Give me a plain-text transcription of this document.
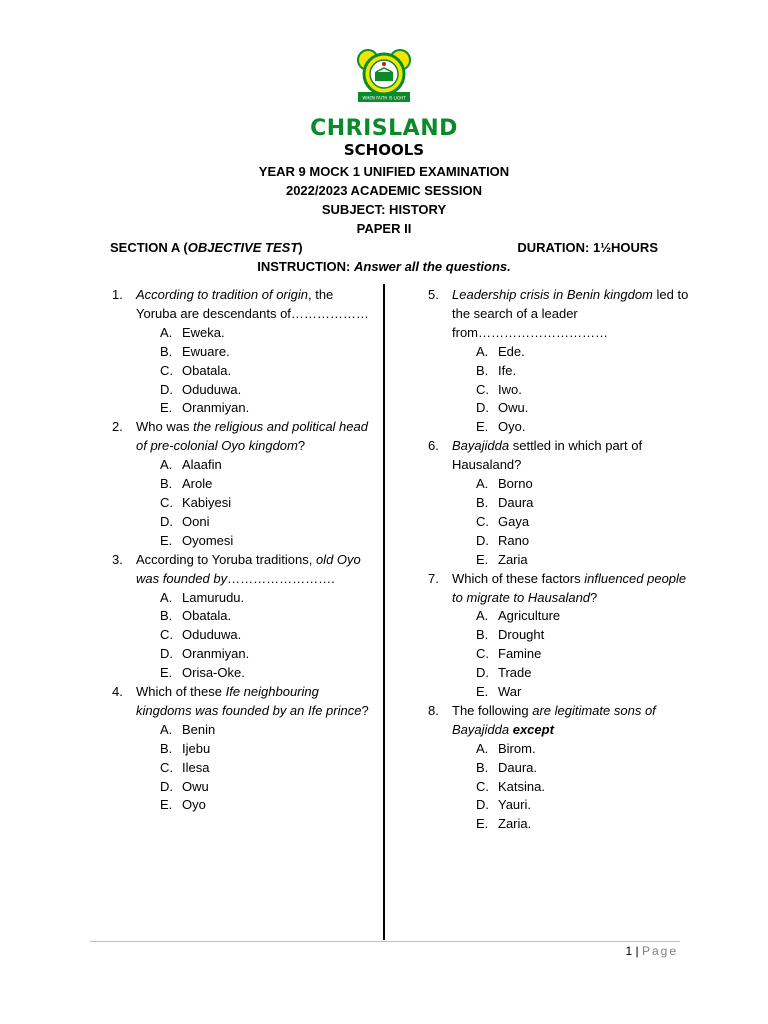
WHEN FAITH IS LIGHT
CHRISLAND
SCHOOLS
YEAR 9 MOCK 1 UNIFIED EXAMINATION
2022/2023 ACADEMIC SESSION
SUBJECT: HISTORY
PAPER II
SECTION A (OBJECTIVE TEST)	DURATION: 1½HOURS
INSTRUCTION: Answer all the questions.
1. According to tradition of origin, the Yoruba are descendants of………………
A. Eweka.
B. Ewuare.
C. Obatala.
D. Oduduwa.
E. Oranmiyan.
2. Who was the religious and political head of pre-colonial Oyo kingdom?
A. Alaafin
B. Arole
C. Kabiyesi
D. Ooni
E. Oyomesi
3. According to Yoruba traditions, old Oyo was founded by…………………….
A. Lamurudu.
B. Obatala.
C. Oduduwa.
D. Oranmiyan.
E. Orisa-Oke.
4. Which of these Ife neighbouring kingdoms was founded by an Ife prince?
A. Benin
B. Ijebu
C. Ilesa
D. Owu
E. Oyo
5. Leadership crisis in Benin kingdom led to the search of a leader from…………………………
A. Ede.
B. Ife.
C. Iwo.
D. Owu.
E. Oyo.
6. Bayajidda settled in which part of Hausaland?
A. Borno
B. Daura
C. Gaya
D. Rano
E. Zaria
7. Which of these factors influenced people to migrate to Hausaland?
A. Agriculture
B. Drought
C. Famine
D. Trade
E. War
8. The following are legitimate sons of Bayajidda except
A. Birom.
B. Daura.
C. Katsina.
D. Yauri.
E. Zaria.
1 | Page
